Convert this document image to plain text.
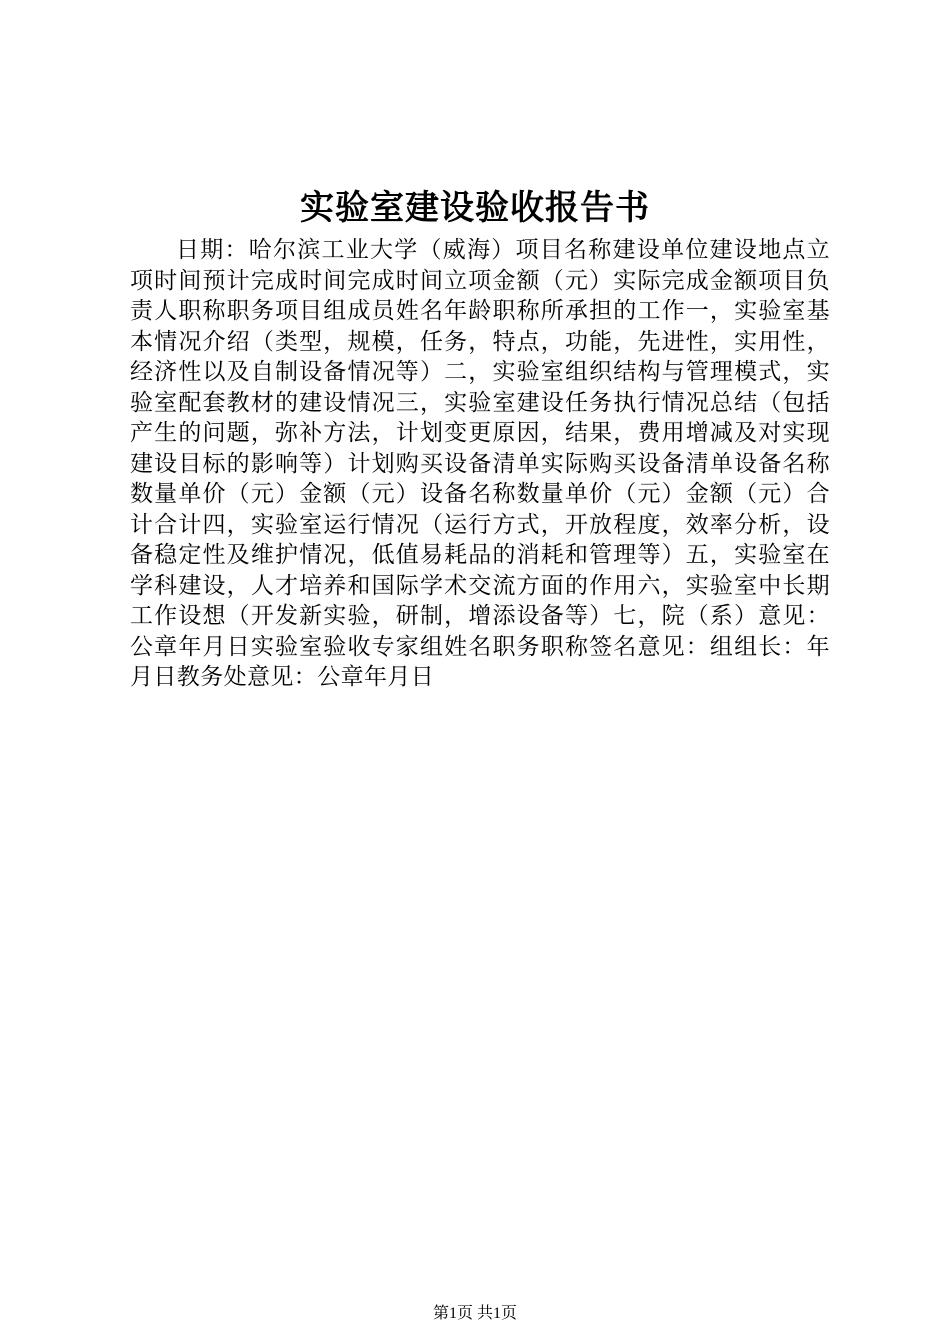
实验室建设验收报告书
日期：哈尔滨工业大学（威海）项目名称建设单位建设地点立项时间预计完成时间完成时间立项金额（元）实际完成金额项目负责人职称职务项目组成员姓名年龄职称所承担的工作一，实验室基本情况介绍（类型，规模，任务，特点，功能，先进性，实用性，经济性以及自制设备情况等）二，实验室组织结构与管理模式，实验室配套教材的建设情况三，实验室建设任务执行情况总结（包括产生的问题，弥补方法，计划变更原因，结果，费用增减及对实现建设目标的影响等）计划购买设备清单实际购买设备清单设备名称数量单价（元）金额（元）设备名称数量单价（元）金额（元）合计合计四，实验室运行情况（运行方式，开放程度，效率分析，设备稳定性及维护情况，低值易耗品的消耗和管理等）五，实验室在学科建设，人才培养和国际学术交流方面的作用六，实验室中长期工作设想（开发新实验，研制，增添设备等）七，院（系）意见：公章年月日实验室验收专家组姓名职务职称签名意见：组组长：年月日教务处意见：公章年月日
第1页 共1页
